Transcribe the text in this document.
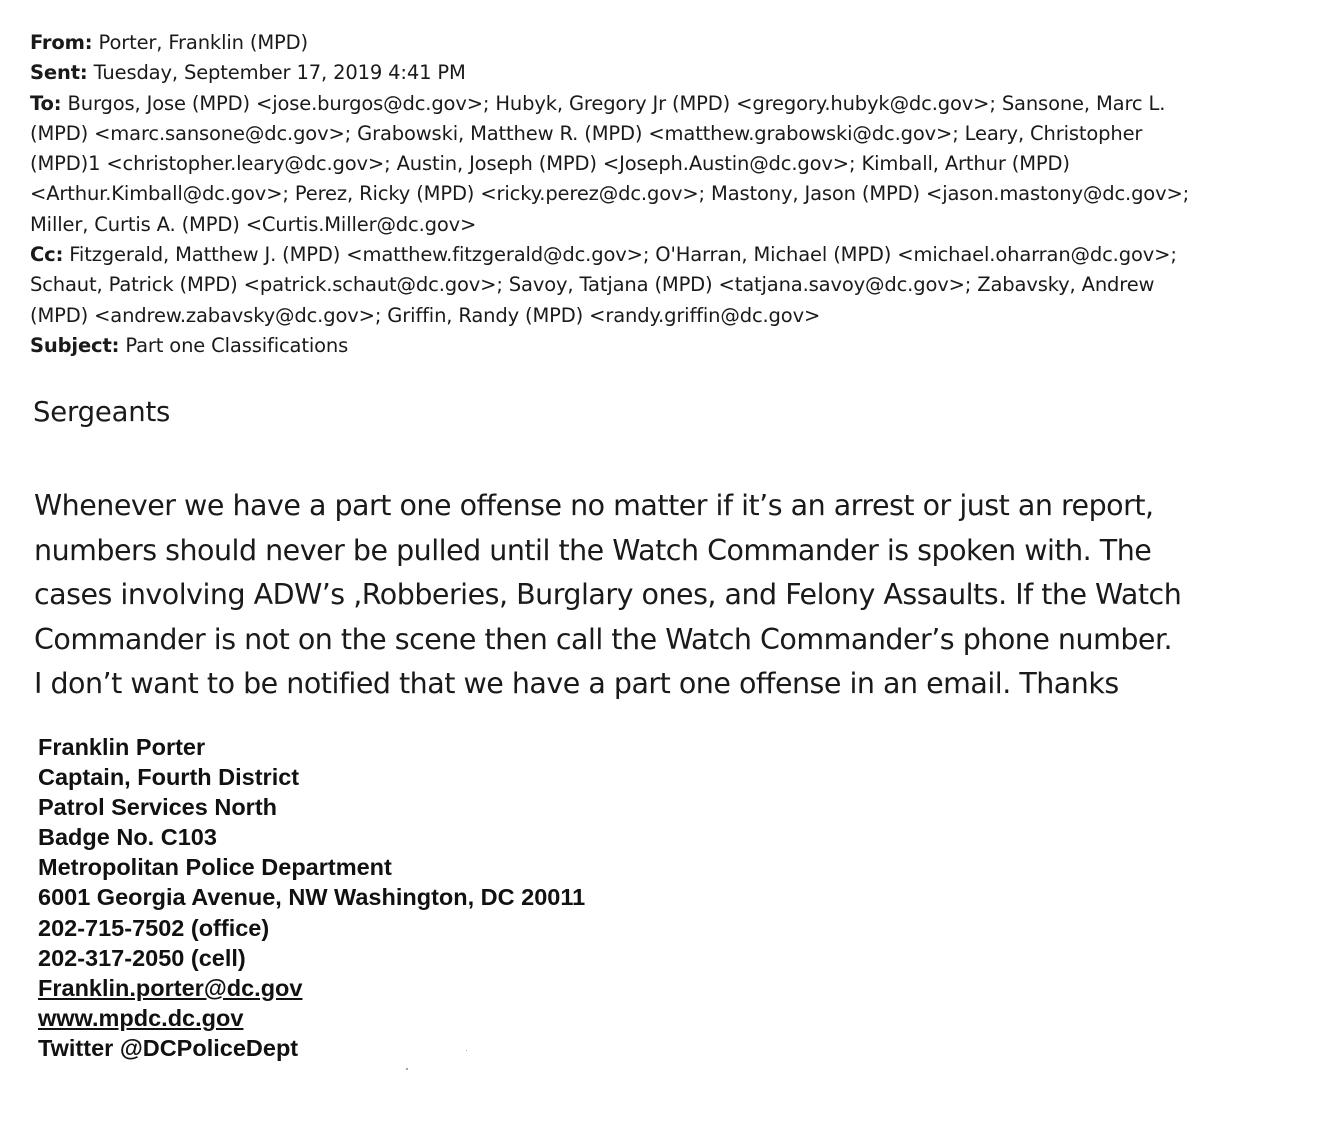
From: Porter, Franklin (MPD)
Sent: Tuesday, September 17, 2019 4:41 PM
To: Burgos, Jose (MPD) <jose.burgos@dc.gov>; Hubyk, Gregory Jr (MPD) <gregory.hubyk@dc.gov>; Sansone, Marc L.
(MPD) <marc.sansone@dc.gov>; Grabowski, Matthew R. (MPD) <matthew.grabowski@dc.gov>; Leary, Christopher
(MPD)1 <christopher.leary@dc.gov>; Austin, Joseph (MPD) <Joseph.Austin@dc.gov>; Kimball, Arthur (MPD)
<Arthur.Kimball@dc.gov>; Perez, Ricky (MPD) <ricky.perez@dc.gov>; Mastony, Jason (MPD) <jason.mastony@dc.gov>;
Miller, Curtis A. (MPD) <Curtis.Miller@dc.gov>
Cc: Fitzgerald, Matthew J. (MPD) <matthew.fitzgerald@dc.gov>; O'Harran, Michael (MPD) <michael.oharran@dc.gov>;
Schaut, Patrick (MPD) <patrick.schaut@dc.gov>; Savoy, Tatjana (MPD) <tatjana.savoy@dc.gov>; Zabavsky, Andrew
(MPD) <andrew.zabavsky@dc.gov>; Griffin, Randy (MPD) <randy.griffin@dc.gov>
Subject: Part one Classifications
Sergeants
Whenever we have a part one offense no matter if it’s an arrest or just an report,
numbers should never be pulled until the Watch Commander is spoken with. The
cases involving ADW’s ,Robberies, Burglary ones, and Felony Assaults. If the Watch
Commander is not on the scene then call the Watch Commander’s phone number.
I don’t want to be notified that we have a part one offense in an email. Thanks
Franklin Porter
Captain, Fourth District
Patrol Services North
Badge No. C103
Metropolitan Police Department
6001 Georgia Avenue, NW Washington, DC 20011
202-715-7502 (office)
202-317-2050 (cell)
Franklin.porter@dc.gov
www.mpdc.dc.gov
Twitter @DCPoliceDept
